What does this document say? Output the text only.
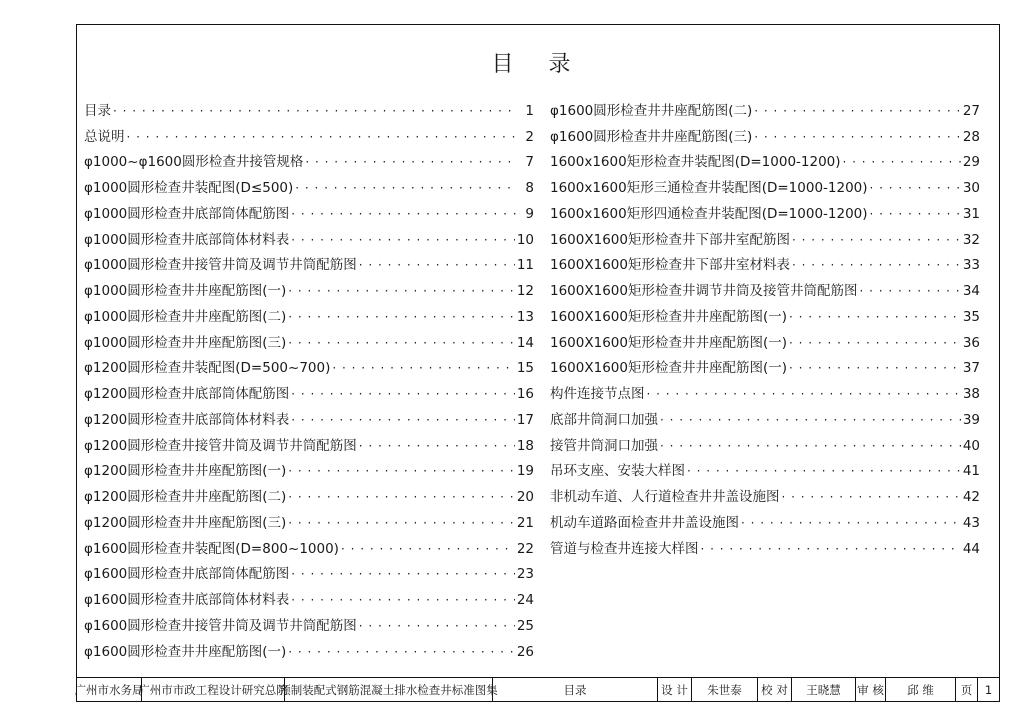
目 录
目录 · · ·	1
总说明 · · ·	2
φ1000~φ1600圆形检查井接管规格 · · ·	7
φ1000圆形检查井装配图(D≤500) · · ·	8
φ1000圆形检查井底部筒体配筋图 · · ·	9
φ1000圆形检查井底部筒体材料表 · · ·	10
φ1000圆形检查井接管井筒及调节井筒配筋图 · · ·	11
φ1000圆形检查井井座配筋图(一) · · ·	12
φ1000圆形检查井井座配筋图(二) · · ·	13
φ1000圆形检查井井座配筋图(三) · · ·	14
φ1200圆形检查井装配图(D=500~700) · · ·	15
φ1200圆形检查井底部筒体配筋图 · · ·	16
φ1200圆形检查井底部筒体材料表 · · ·	17
φ1200圆形检查井接管井筒及调节井筒配筋图 · · ·	18
φ1200圆形检查井井座配筋图(一) · · ·	19
φ1200圆形检查井井座配筋图(二) · · ·	20
φ1200圆形检查井井座配筋图(三) · · ·	21
φ1600圆形检查井装配图(D=800~1000) · · ·	22
φ1600圆形检查井底部筒体配筋图 · · ·	23
φ1600圆形检查井底部筒体材料表 · · ·	24
φ1600圆形检查井接管井筒及调节井筒配筋图 · · ·	25
φ1600圆形检查井井座配筋图(一) · · ·	26
φ1600圆形检查井井座配筋图(二) · · ·	27
φ1600圆形检查井井座配筋图(三) · · ·	28
1600x1600矩形检查井装配图(D=1000-1200) · · ·	29
1600x1600矩形三通检查井装配图(D=1000-1200) · · ·	30
1600x1600矩形四通检查井装配图(D=1000-1200) · · ·	31
1600X1600矩形检查井下部井室配筋图 · · ·	32
1600X1600矩形检查井下部井室材料表 · · ·	33
1600X1600矩形检查井调节井筒及接管井筒配筋图 · · ·	34
1600X1600矩形检查井井座配筋图(一) · · ·	35
1600X1600矩形检查井井座配筋图(一) · · ·	36
1600X1600矩形检查井井座配筋图(一) · · ·	37
构件连接节点图 · · ·	38
底部井筒洞口加强 · · ·	39
接管井筒洞口加强 · · ·	40
吊环支座、安装大样图 · · ·	41
非机动车道、人行道检查井井盖设施图 · · ·	42
机动车道路面检查井井盖设施图 · · ·	43
管道与检查井连接大样图 · · ·	44
广州市水务局
广州市市政工程设计研究总院
预制装配式钢筋混凝土排水检查井标准图集	目录	设 计	朱世泰	校 对	王晓慧	审 核	邱 维	页	1
